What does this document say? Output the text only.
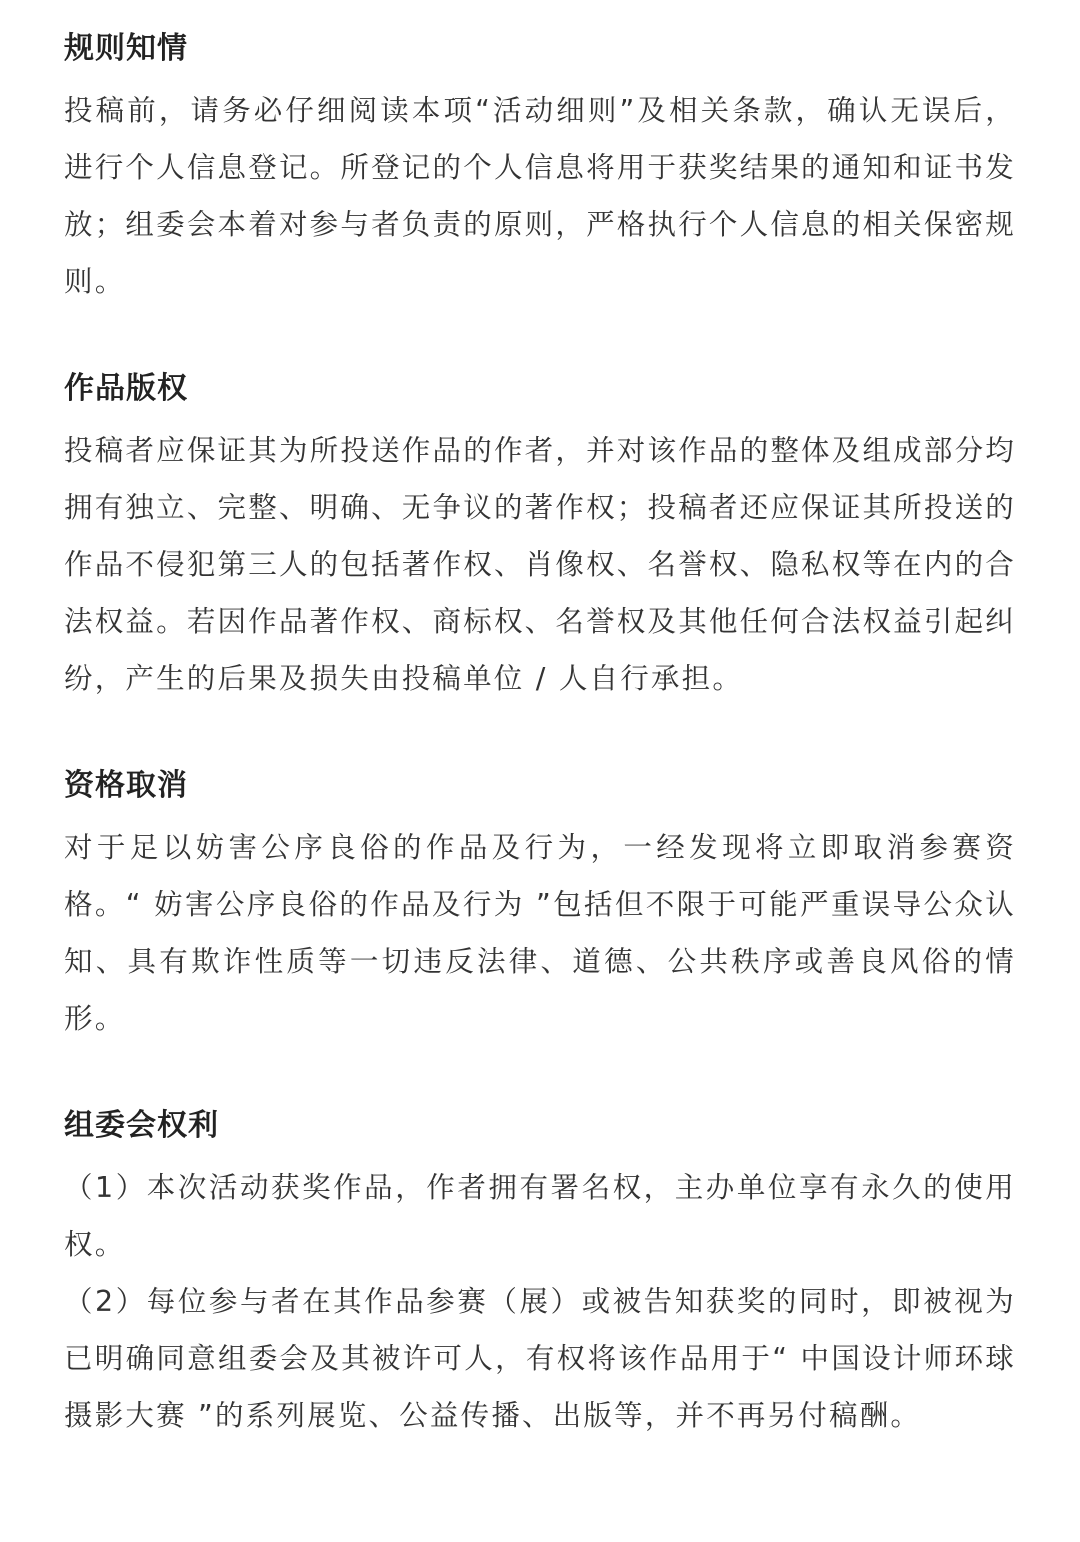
规则知情

投稿前，请务必仔细阅读本项“活动细则”及相关条款，确认无误后，进行个人信息登记。所登记的个人信息将用于获奖结果的通知和证书发放；组委会本着对参与者负责的原则，严格执行个人信息的相关保密规则。

作品版权

投稿者应保证其为所投送作品的作者，并对该作品的整体及组成部分均拥有独立、完整、明确、无争议的著作权；投稿者还应保证其所投送的作品不侵犯第三人的包括著作权、肖像权、名誉权、隐私权等在内的合法权益。若因作品著作权、商标权、名誉权及其他任何合法权益引起纠纷，产生的后果及损失由投稿单位 / 人自行承担。

资格取消

对于足以妨害公序良俗的作品及行为，一经发现将立即取消参赛资格。“ 妨害公序良俗的作品及行为 ”包括但不限于可能严重误导公众认知、具有欺诈性质等一切违反法律、道德、公共秩序或善良风俗的情形。

组委会权利

（1）本次活动获奖作品，作者拥有署名权，主办单位享有永久的使用权。

（2）每位参与者在其作品参赛（展）或被告知获奖的同时，即被视为已明确同意组委会及其被许可人，有权将该作品用于“ 中国设计师环球摄影大赛 ”的系列展览、公益传播、出版等，并不再另付稿酬。
